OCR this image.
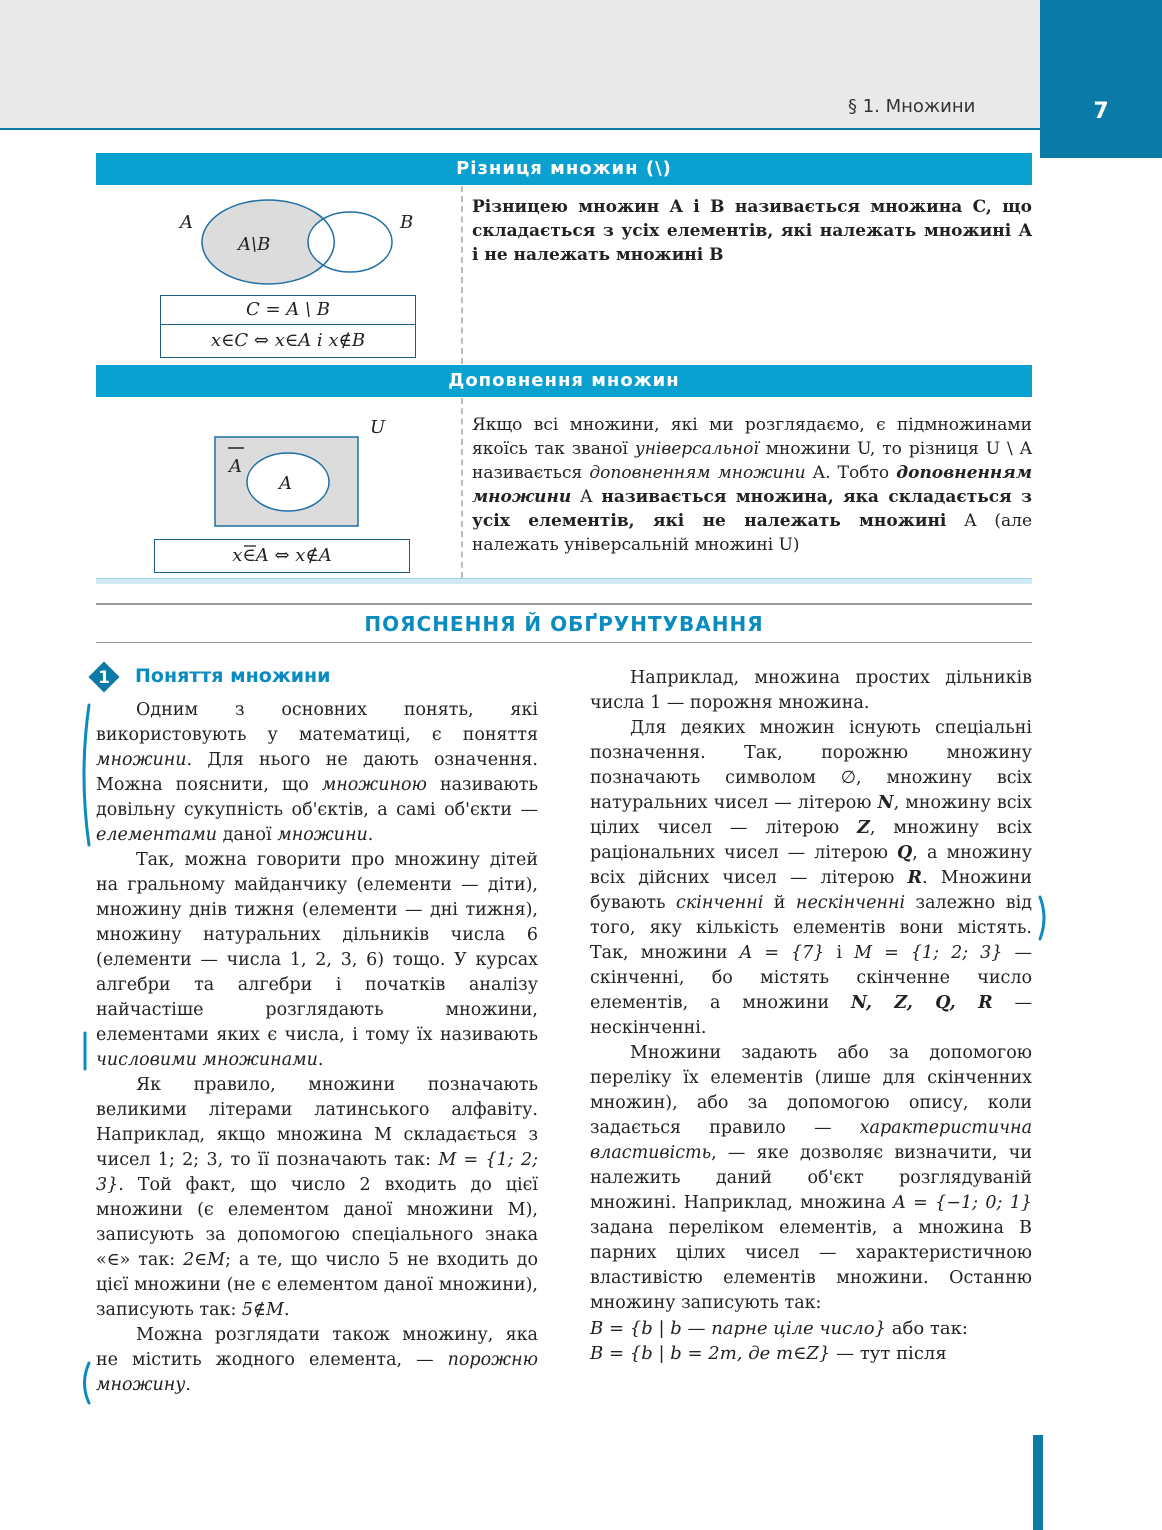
§ 1. Множини	7
Різниця множин (\)
A	B
A\B
C = A \ B
x∈C ⇔ x∈A і x∉B
Різницею множин A і B називається множина C, що складається з усіх елементів, які належать множині A і не належать множині B
Доповнення множин
U
A
A
x∈A ⇔ x∉A
Якщо всі множини, які ми розглядаємо, є підмножинами якоїсь так званої універсальної множини U, то різниця U \ A називається доповненням множини A. Тобто доповненням множини A називається множина, яка складається з усіх елементів, які не належать множині A (але належать універсальній множині U)
ПОЯСНЕННЯ Й ОБҐРУНТУВАННЯ
1 Поняття множини

Одним з основних понять, які використовують у математиці, є поняття множини. Для нього не дають означення. Можна пояснити, що множиною називають довільну сукупність об'єктів, а самі об'єкти — елементами даної множини.

Так, можна говорити про множину дітей на гральному майданчику (елементи — діти), множину днів тижня (елементи — дні тижня), множину натуральних дільників числа 6 (елементи — числа 1, 2, 3, 6) тощо. У курсах алгебри та алгебри і початків аналізу найчастіше розглядають множини, елементами яких є числа, і тому їх називають числовими множинами.

Як правило, множини позначають великими літерами латинського алфавіту. Наприклад, якщо множина M складається з чисел 1; 2; 3, то її позначають так: M = {1; 2; 3}. Той факт, що число 2 входить до цієї множини (є елементом даної множини M), записують за допомогою спеціального знака «∈» так: 2∈M; а те, що число 5 не входить до цієї множини (не є елементом даної множини), записують так: 5∉M.

Можна розглядати також множину, яка не містить жодного елемента, — порожню множину.

Наприклад, множина простих дільників числа 1 — порожня множина.

Для деяких множин існують спеціальні позначення. Так, порожню множину позначають символом ∅, множину всіх натуральних чисел — літерою N, множину всіх цілих чисел — літерою Z, множину всіх раціональних чисел — літерою Q, а множину всіх дійсних чисел — літерою R. Множини бувають скінченні й нескінченні залежно від того, яку кількість елементів вони містять. Так, множини A = {7} і M = {1; 2; 3} — скінченні, бо містять скінченне число елементів, а множини N, Z, Q, R — нескінченні.

Множини задають або за допомогою переліку їх елементів (лише для скінченних множин), або за допомогою опису, коли задається правило — характеристична властивість, — яке дозволяє визначити, чи належить даний об'єкт розглядуваній множині. Наприклад, множина A = {−1; 0; 1} задана переліком елементів, а множина B парних цілих чисел — характеристичною властивістю елементів множини. Останню множину записують так:

B = {b | b — парне ціле число} або так:

B = {b | b = 2m, де m∈Z} — тут після
